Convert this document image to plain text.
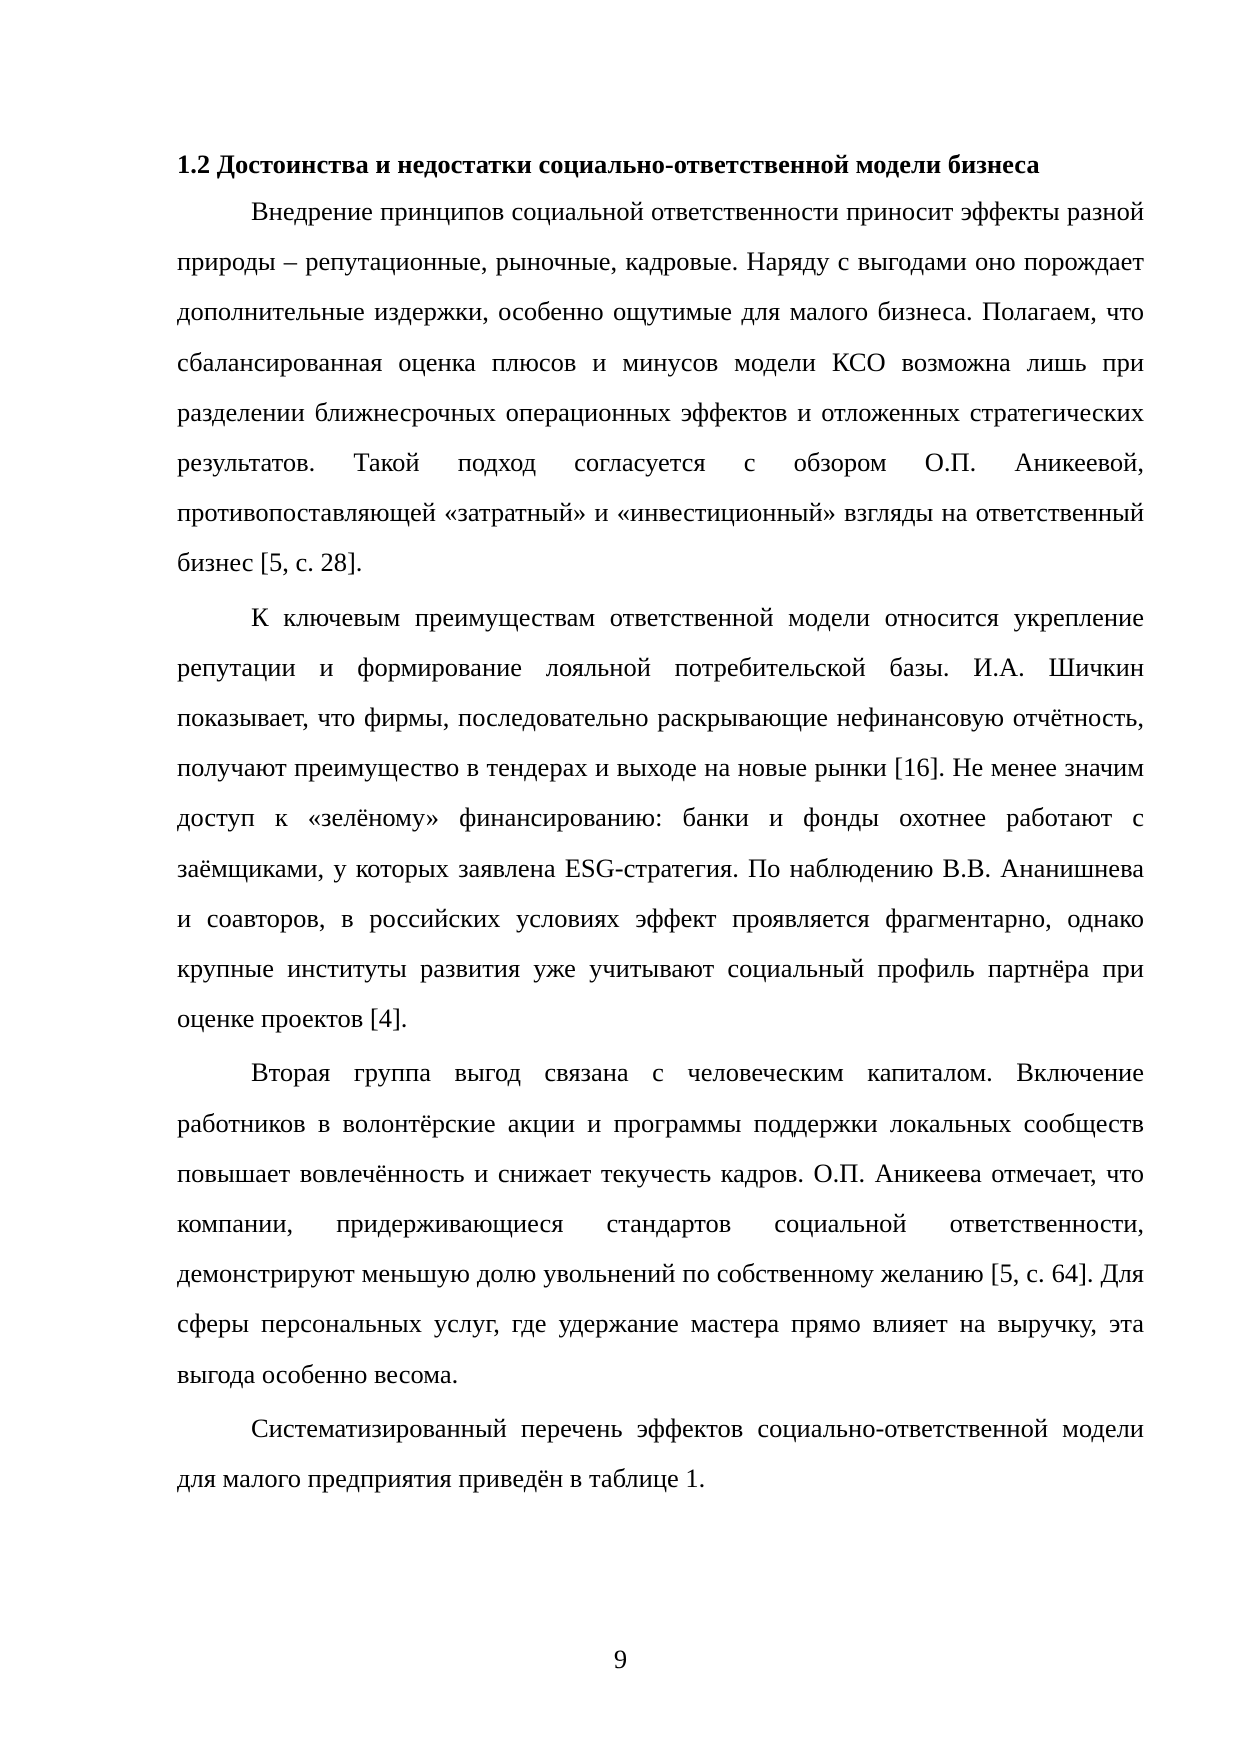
1.2 Достоинства и недостатки социально-ответственной модели бизнеса

Внедрение принципов социальной ответственности приносит эффекты разной природы – репутационные, рыночные, кадровые. Наряду с выгодами оно порождает дополнительные издержки, особенно ощутимые для малого бизнеса. Полагаем, что сбалансированная оценка плюсов и минусов модели КСО возможна лишь при разделении ближнесрочных операционных эффектов и отложенных стратегических результатов. Такой подход согласуется с обзором О.П. Аникеевой, противопоставляющей «затратный» и «инвестиционный» взгляды на ответственный бизнес [5, с. 28].

К ключевым преимуществам ответственной модели относится укрепление репутации и формирование лояльной потребительской базы. И.А. Шичкин показывает, что фирмы, последовательно раскрывающие нефинансовую отчётность, получают преимущество в тендерах и выходе на новые рынки [16]. Не менее значим доступ к «зелёному» финансированию: банки и фонды охотнее работают с заёмщиками, у которых заявлена ESG-стратегия. По наблюдению В.В. Ананишнева и соавторов, в российских условиях эффект проявляется фрагментарно, однако крупные институты развития уже учитывают социальный профиль партнёра при оценке проектов [4].

Вторая группа выгод связана с человеческим капиталом. Включение работников в волонтёрские акции и программы поддержки локальных сообществ повышает вовлечённость и снижает текучесть кадров. О.П. Аникеева отмечает, что компании, придерживающиеся стандартов социальной ответственности, демонстрируют меньшую долю увольнений по собственному желанию [5, с. 64]. Для сферы персональных услуг, где удержание мастера прямо влияет на выручку, эта выгода особенно весома.

Систематизированный перечень эффектов социально-ответственной модели для малого предприятия приведён в таблице 1.

9
